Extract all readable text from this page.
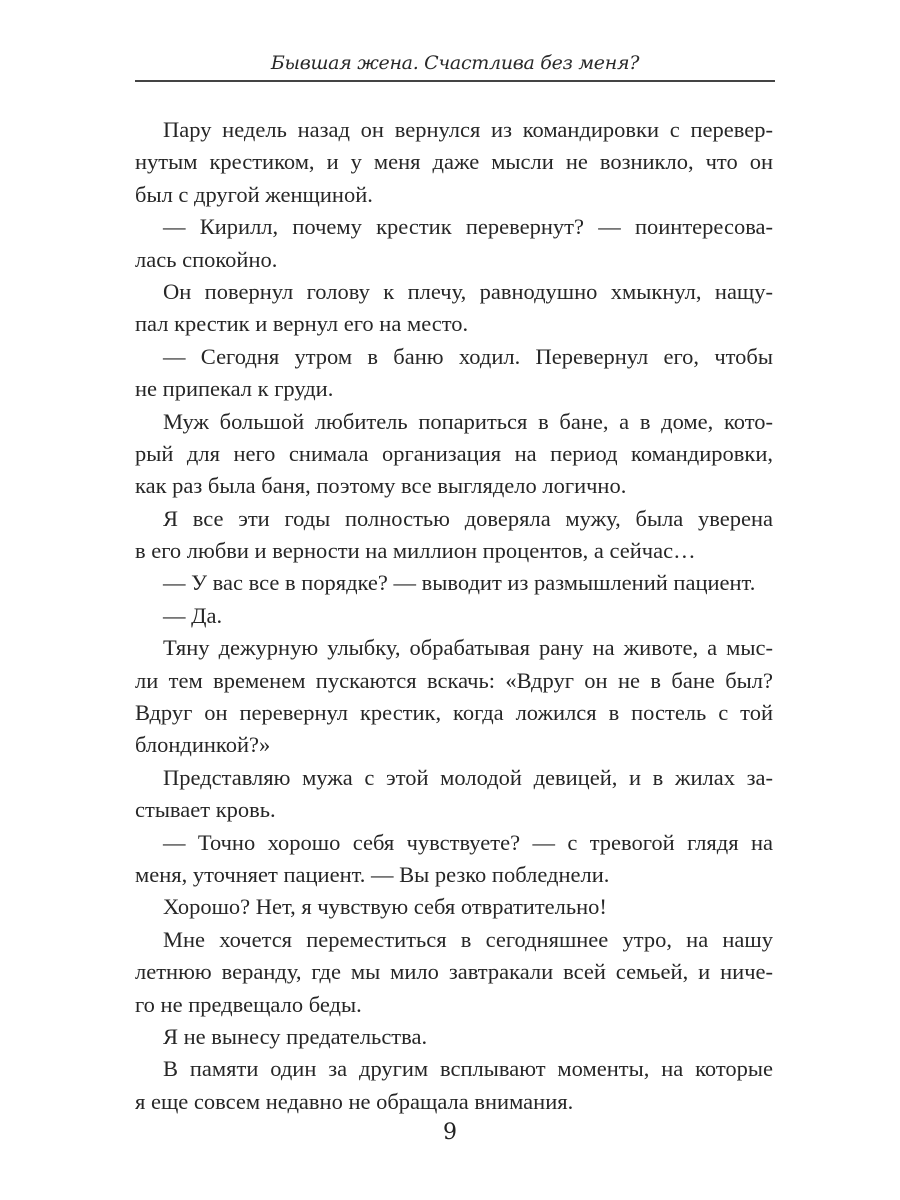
Бывшая жена. Счастлива без меня?
Пару недель назад он вернулся из командировки с перевер-
нутым крестиком, и у меня даже мысли не возникло, что он
был с другой женщиной.
— Кирилл, почему крестик перевернут? — поинтересова-
лась спокойно.
Он повернул голову к плечу, равнодушно хмыкнул, нащу-
пал крестик и вернул его на место.
— Сегодня утром в баню ходил. Перевернул его, чтобы
не припекал к груди.
Муж большой любитель попариться в бане, а в доме, кото-
рый для него снимала организация на период командировки,
как раз была баня, поэтому все выглядело логично.
Я все эти годы полностью доверяла мужу, была уверена
в его любви и верности на миллион процентов, а сейчас…
— У вас все в порядке? — выводит из размышлений пациент.
— Да.
Тяну дежурную улыбку, обрабатывая рану на животе, а мыс-
ли тем временем пускаются вскачь: «Вдруг он не в бане был?
Вдруг он перевернул крестик, когда ложился в постель с той
блондинкой?»
Представляю мужа с этой молодой девицей, и в жилах за-
стывает кровь.
— Точно хорошо себя чувствуете? — с тревогой глядя на
меня, уточняет пациент. — Вы резко побледнели.
Хорошо? Нет, я чувствую себя отвратительно!
Мне хочется переместиться в сегодняшнее утро, на нашу
летнюю веранду, где мы мило завтракали всей семьей, и ниче-
го не предвещало беды.
Я не вынесу предательства.
В памяти один за другим всплывают моменты, на которые
я еще совсем недавно не обращала внимания.
9
